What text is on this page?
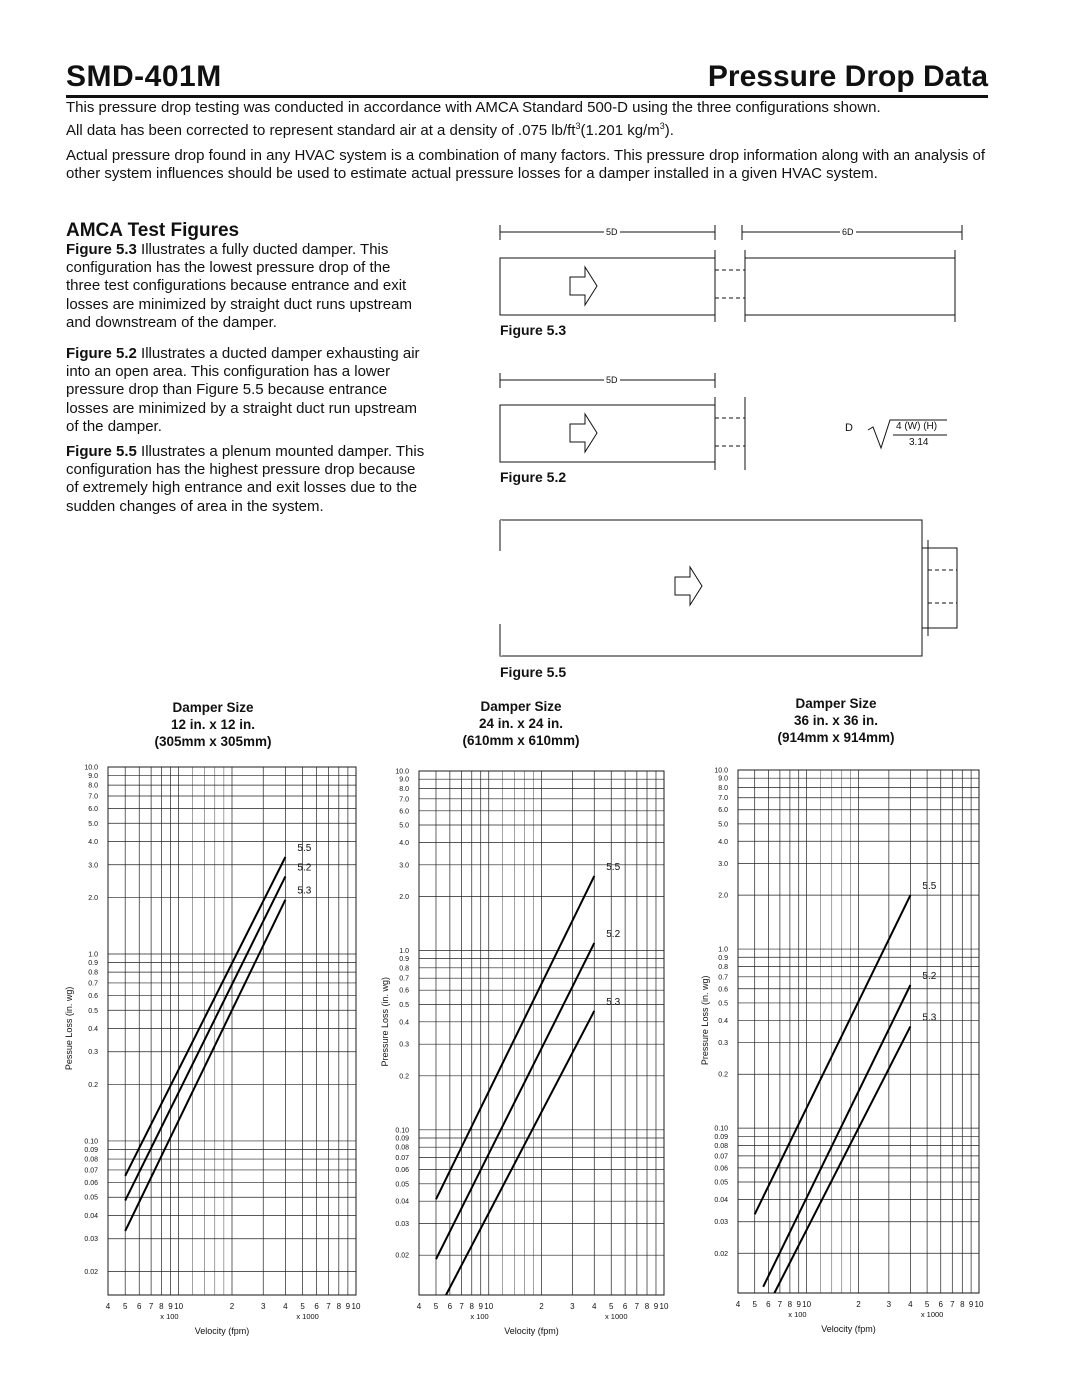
SMD-401M	Pressure Drop Data
This pressure drop testing was conducted in accordance with AMCA Standard 500-D using the three configurations shown.
All data has been corrected to represent standard air at a density of .075 $lb/ft^3(1.201$ $kg/m^3$).
Actual pressure drop found in any HVAC system is a combination of many factors. This pressure drop information along with an analysis of other system influences should be used to estimate actual pressure losses for a damper installed in a given HVAC system.
AMCA Test Figures
Figure 5.3 Illustrates a fully ducted damper. This configuration has the lowest pressure drop of the three test configurations because entrance and exit losses are minimized by straight duct runs upstream and downstream of the damper.
Figure 5.2 Illustrates a ducted damper exhausting air into an open area. This configuration has a lower pressure drop than Figure 5.5 because entrance losses are minimized by a straight duct run upstream of the damper.
Figure 5.5 Illustrates a plenum mounted damper. This configuration has the highest pressure drop because of extremely high entrance and exit losses due to the sudden changes of area in the system.
5D	6D
Figure 5.3
5D
D	4 (W) (H)
3.14
Figure 5.2
Figure 5.5
Damper Size
12 in. x 12 in.
(305mm x 305mm)
Damper Size
24 in. x 24 in.
(610mm x 610mm)
Damper Size
36 in. x 36 in.
(914mm x 914mm)
4 5 6 7 8 9 10	2	3 4 5 6 7 8 9 10
10.0
9.0
8.0
7.0
6.0
5.0
4.0
3.0
2.0
1.0
0.9
0.8
0.7
0.6
0.5
0.4
0.3
0.2
0.10
0.09
0.08
0.07
0.06
0.05
0.04
0.03
0.02
x 100	x 1000
Velocity (fpm)
Pessue Loss (in. wg)
5.5
5.2
5.3
4 5 6 7 8 9 10	2	3 4 5 6 7 8 9 10
10.0
9.0
8.0
7.0
6.0
5.0
4.0
3.0
2.0
1.0
0.9
0.8
0.7
0.6
0.5
0.4
0.3
0.2
0.10
0.09
0.08
0.07
0.06
0.05
0.04
0.03
0.02
x 100	x 1000
Velocity (fpm)
Pressure Loss (in. wg)
5.5
5.2
5.3
4 5 6 7 8 9 10	2	3 4 5 6 7 8 9 10
10.0
9.0
8.0
7.0
6.0
5.0
4.0
3.0
2.0
1.0
0.9
0.8
0.7
0.6
0.5
0.4
0.3
0.2
0.10
0.09
0.08
0.07
0.06
0.05
0.04
0.03
0.02
x 100	x 1000
Velocity (fpm)
Pressure Loss (in. wg)
5.5
5.2
5.3
